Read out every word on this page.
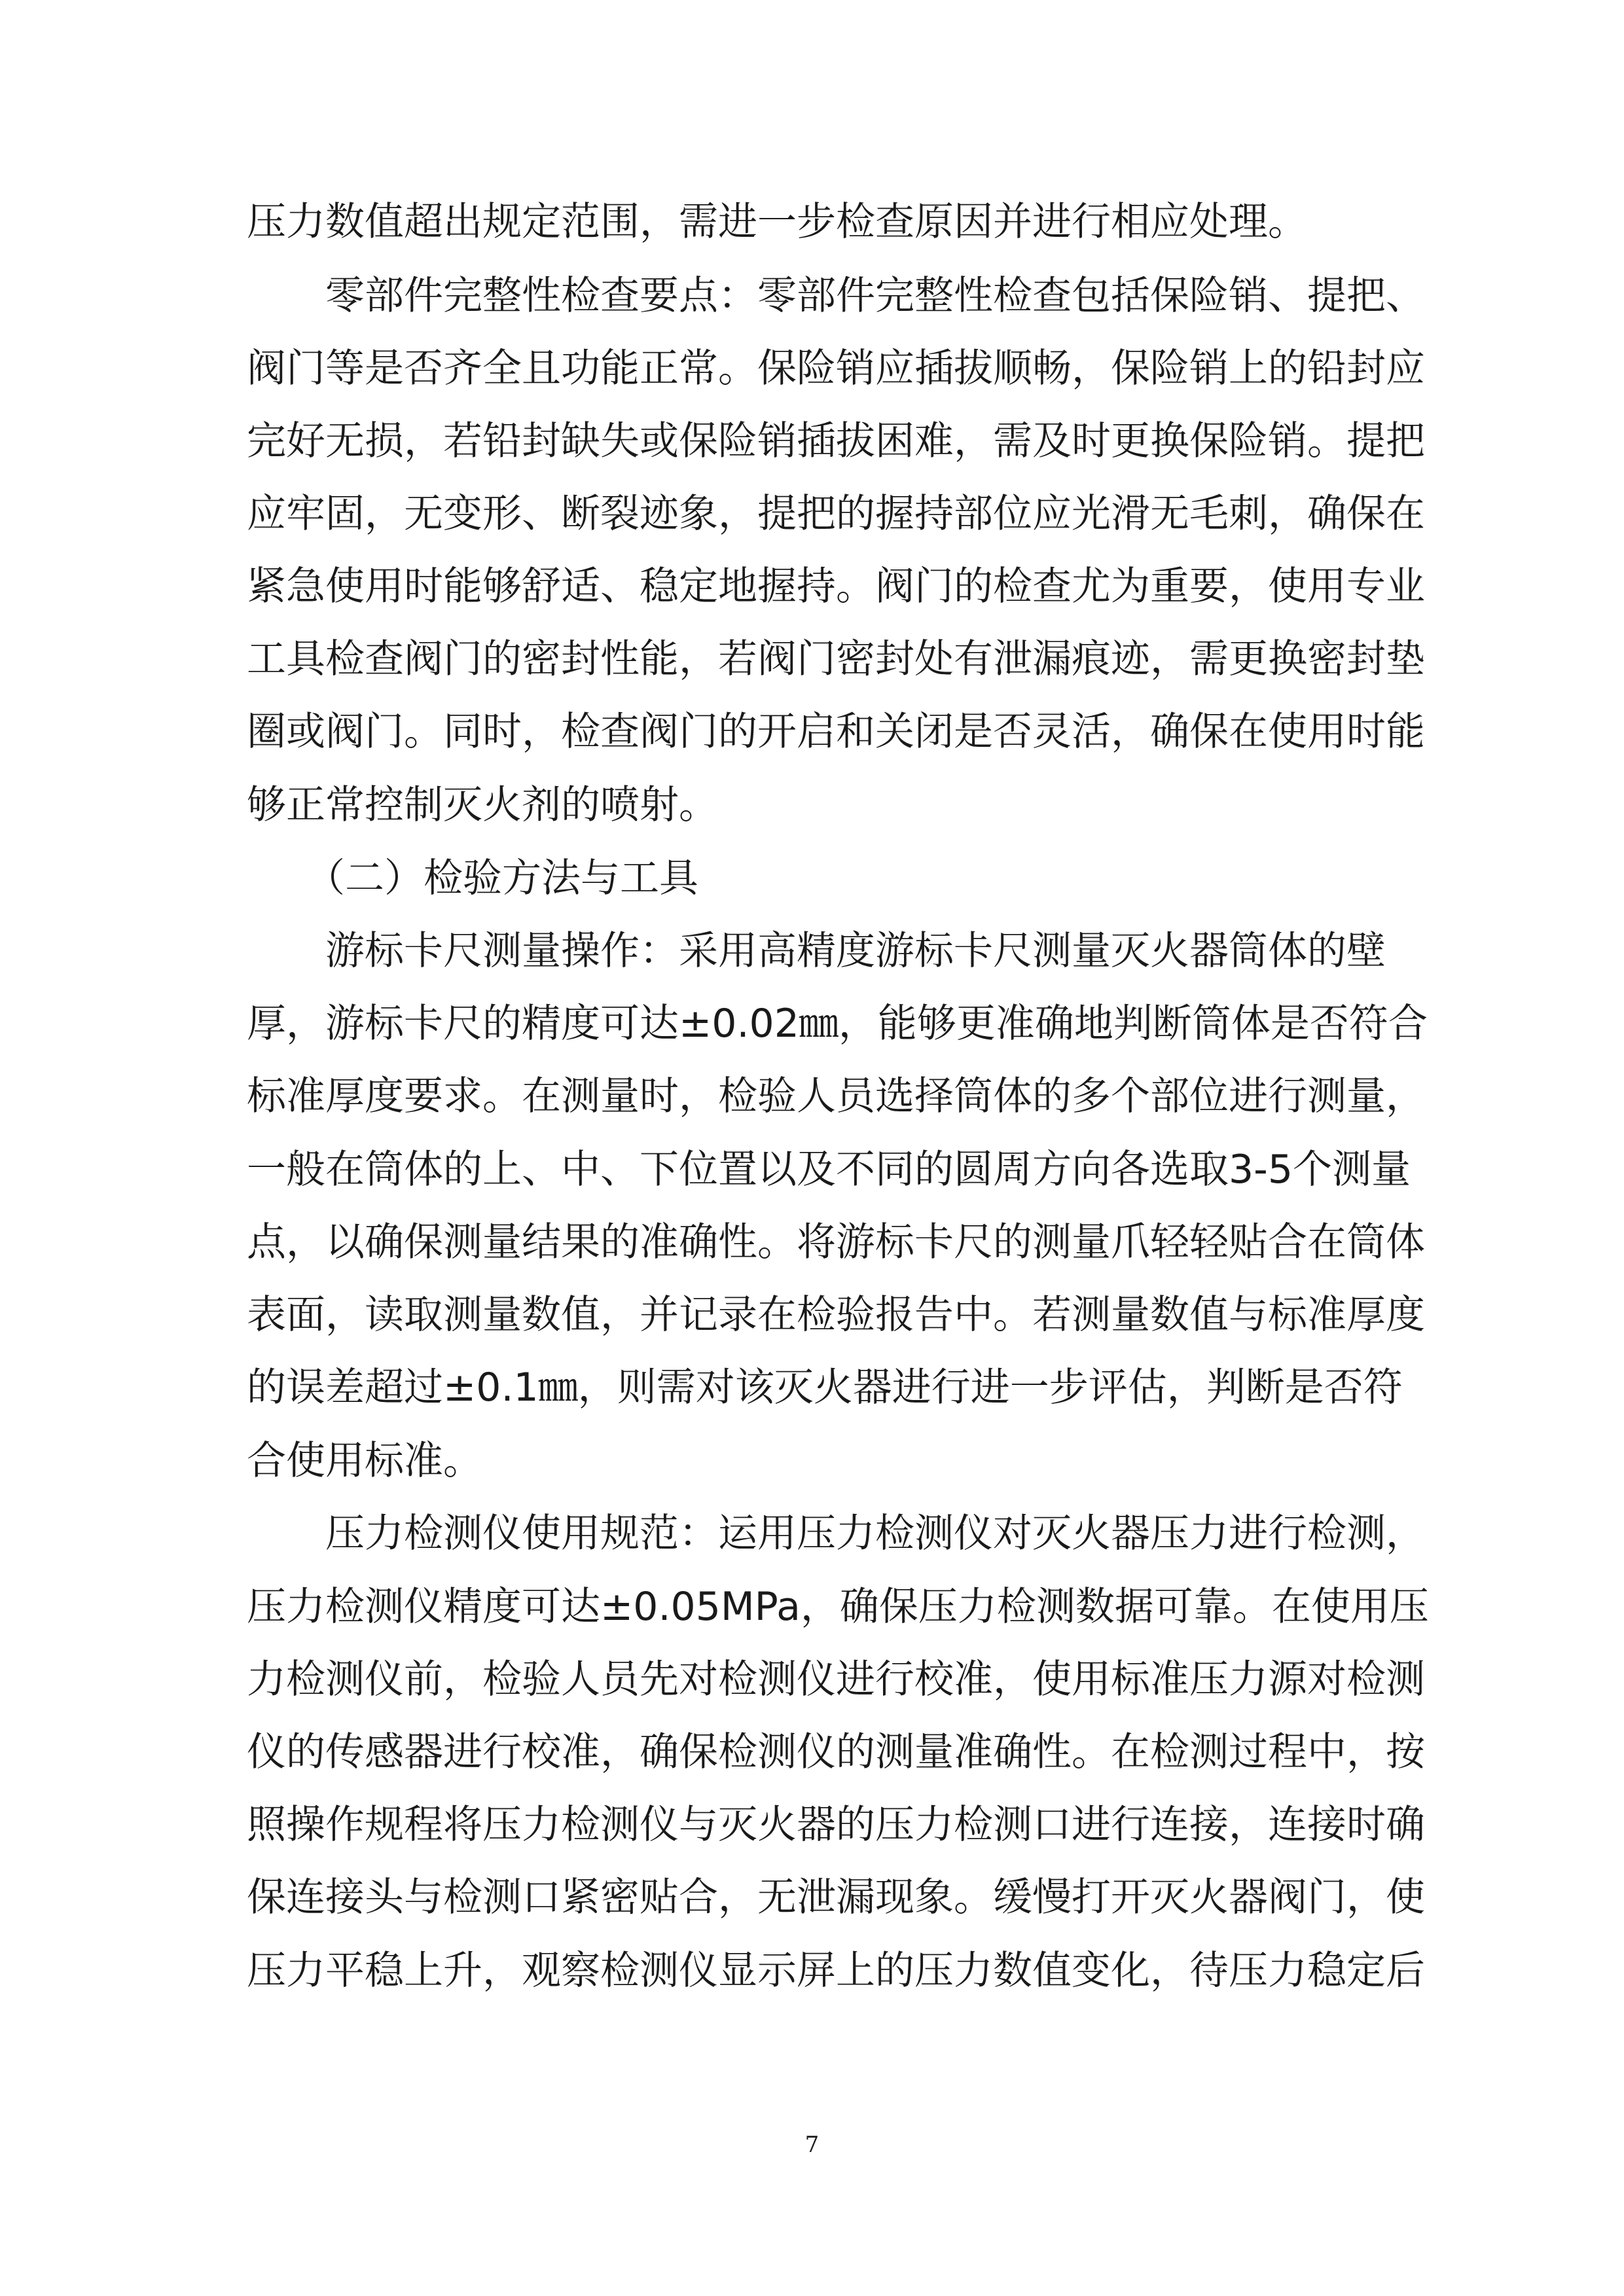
压力数值超出规定范围，需进一步检查原因并进行相应处理。

　　零部件完整性检查要点：零部件完整性检查包括保险销、提把、

阀门等是否齐全且功能正常。保险销应插拔顺畅，保险销上的铅封应

完好无损，若铅封缺失或保险销插拔困难，需及时更换保险销。提把

应牢固，无变形、断裂迹象，提把的握持部位应光滑无毛刺，确保在

紧急使用时能够舒适、稳定地握持。阀门的检查尤为重要，使用专业

工具检查阀门的密封性能，若阀门密封处有泄漏痕迹，需更换密封垫

圈或阀门。同时，检查阀门的开启和关闭是否灵活，确保在使用时能

够正常控制灭火剂的喷射。

　　（二）检验方法与工具

　　游标卡尺测量操作：采用高精度游标卡尺测量灭火器筒体的壁

厚，游标卡尺的精度可达±0.02㎜，能够更准确地判断筒体是否符合

标准厚度要求。在测量时，检验人员选择筒体的多个部位进行测量，

一般在筒体的上、中、下位置以及不同的圆周方向各选取3-5个测量

点，以确保测量结果的准确性。将游标卡尺的测量爪轻轻贴合在筒体

表面，读取测量数值，并记录在检验报告中。若测量数值与标准厚度

的误差超过±0.1㎜，则需对该灭火器进行进一步评估，判断是否符

合使用标准。

　　压力检测仪使用规范：运用压力检测仪对灭火器压力进行检测，

压力检测仪精度可达±0.05MPa，确保压力检测数据可靠。在使用压

力检测仪前，检验人员先对检测仪进行校准，使用标准压力源对检测

仪的传感器进行校准，确保检测仪的测量准确性。在检测过程中，按

照操作规程将压力检测仪与灭火器的压力检测口进行连接，连接时确

保连接头与检测口紧密贴合，无泄漏现象。缓慢打开灭火器阀门，使

压力平稳上升，观察检测仪显示屏上的压力数值变化，待压力稳定后

7
